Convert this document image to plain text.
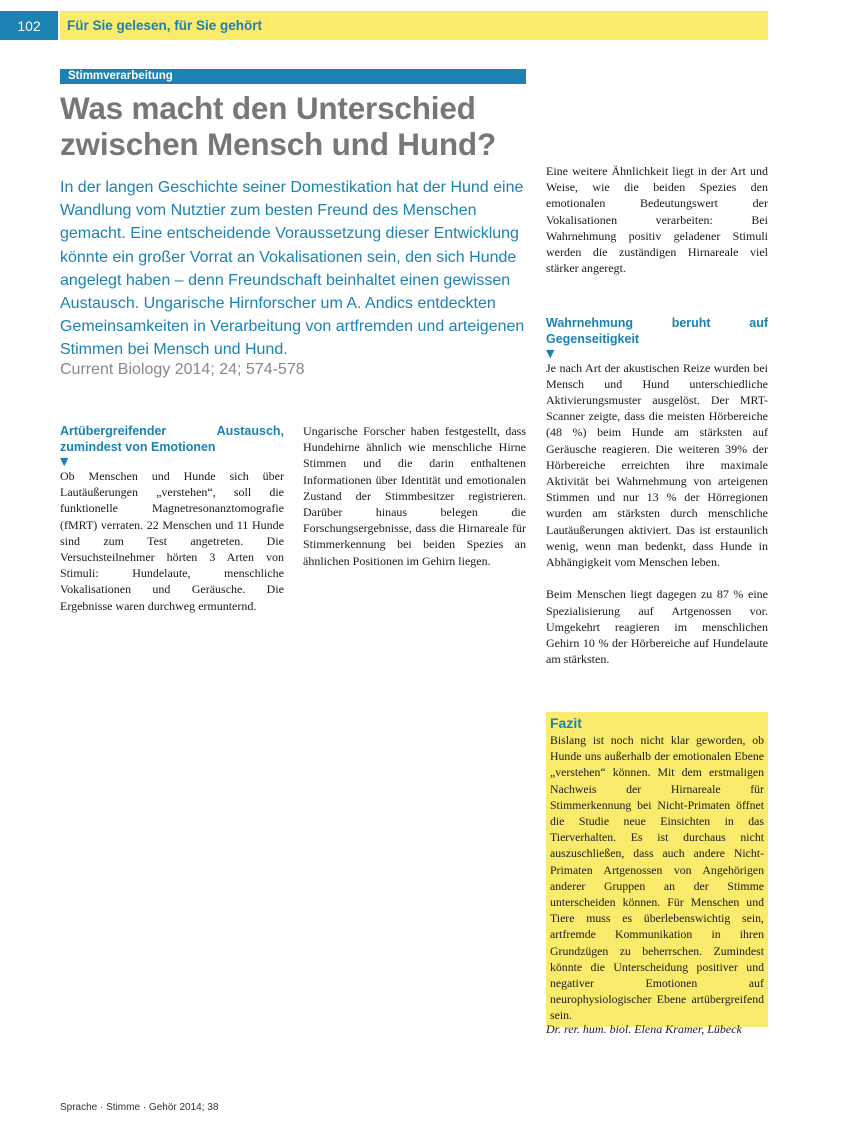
102	Für Sie gelesen, für Sie gehört
Stimmverarbeitung
Was macht den Unterschied zwischen Mensch und Hund?

In der langen Geschichte seiner Domestikation hat der Hund eine Wandlung vom Nutztier zum besten Freund des Menschen gemacht. Eine entscheidende Voraussetzung dieser Entwicklung könnte ein großer Vorrat an Vokalisationen sein, den sich Hunde angelegt haben – denn Freundschaft beinhaltet einen gewissen Austausch. Ungarische Hirnforscher um A. Andics entdeckten Gemeinsamkeiten in Verarbeitung von artfremden und arteigenen Stimmen bei Mensch und Hund.

Current Biology 2014; 24; 574-578
Artübergreifender Austausch, zumindest von Emotionen
▼

Ob Menschen und Hunde sich über Lautäußerungen „verstehen“, soll die funktionelle Magnetresonanztomografie (fMRT) verraten. 22 Menschen und 11 Hunde sind zum Test angetreten. Die Versuchsteilnehmer hörten 3 Arten von Stimuli: Hundelaute, menschliche Vokalisationen und Geräusche. Die Ergebnisse waren durchweg ermunternd.

Ungarische Forscher haben festgestellt, dass Hundehirne ähnlich wie menschliche Hirne Stimmen und die darin enthaltenen Informationen über Identität und emotionalen Zustand der Stimmbesitzer registrieren. Darüber hinaus belegen die Forschungsergebnisse, dass die Hirnareale für Stimmerkennung bei beiden Spezies an ähnlichen Positionen im Gehirn liegen.

Eine weitere Ähnlichkeit liegt in der Art und Weise, wie die beiden Spezies den emotionalen Bedeutungswert der Vokalisationen verarbeiten: Bei Wahrnehmung positiv geladener Stimuli werden die zuständigen Hirnareale viel stärker angeregt.

Wahrnehmung beruht auf Gegenseitigkeit
▼

Je nach Art der akustischen Reize wurden bei Mensch und Hund unterschiedliche Aktivierungsmuster ausgelöst. Der MRT-Scanner zeigte, dass die meisten Hörbereiche (48 %) beim Hunde am stärksten auf Geräusche reagieren. Die weiteren 39% der Hörbereiche erreichten ihre maximale Aktivität bei Wahrnehmung von arteigenen Stimmen und nur 13 % der Hörregionen wurden am stärksten durch menschliche Lautäußerungen aktiviert. Das ist erstaunlich wenig, wenn man bedenkt, dass Hunde in Abhängigkeit vom Menschen leben.

Beim Menschen liegt dagegen zu 87 % eine Spezialisierung auf Artgenossen vor. Umgekehrt reagieren im menschlichen Gehirn 10 % der Hörbereiche auf Hundelaute am stärksten.

Fazit
Bislang ist noch nicht klar geworden, ob Hunde uns außerhalb der emotionalen Ebene „verstehen“ können. Mit dem erstmaligen Nachweis der Hirnareale für Stimmerkennung bei Nicht-Primaten öffnet die Studie neue Einsichten in das Tierverhalten. Es ist durchaus nicht auszuschließen, dass auch andere Nicht-Primaten Artgenossen von Angehörigen anderer Gruppen an der Stimme unterscheiden können. Für Menschen und Tiere muss es überlebenswichtig sein, artfremde Kommunikation in ihren Grundzügen zu beherrschen. Zumindest könnte die Unterscheidung positiver und negativer Emotionen auf neurophysiologischer Ebene artübergreifend sein.
Dr. rer. hum. biol. Elena Kramer, Lübeck
Sprache · Stimme · Gehör 2014; 38
